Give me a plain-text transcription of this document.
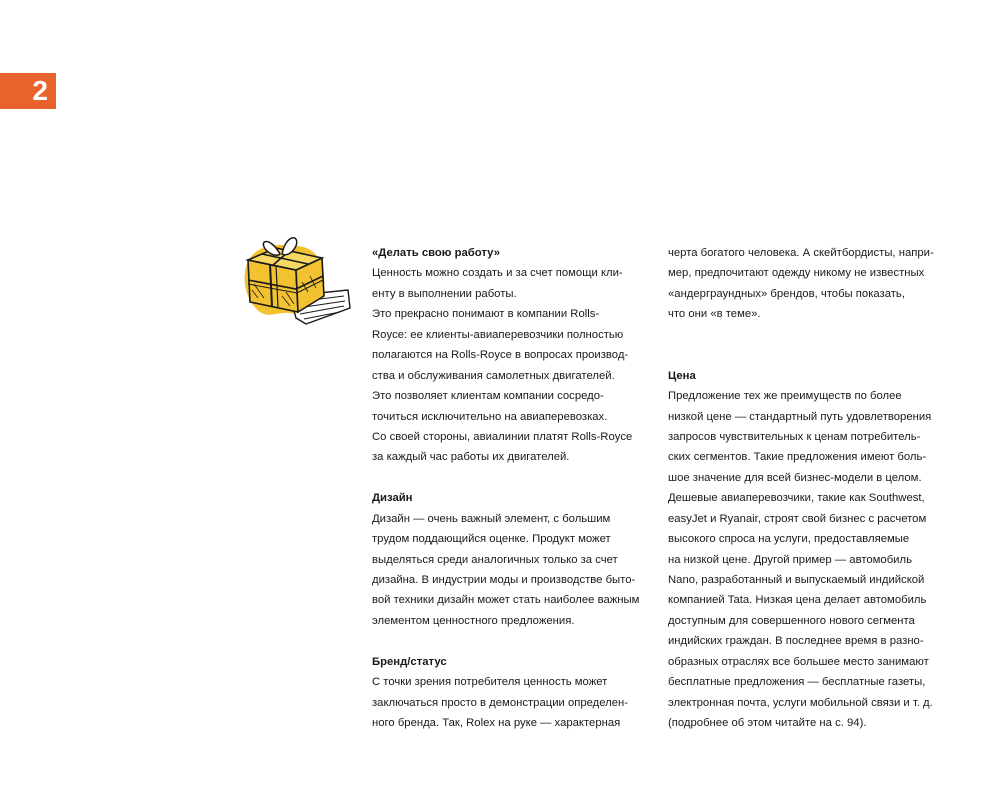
2
«Делать свою работу»
Ценность можно создать и за счет помощи кли-
енту в выполнении работы.
Это прекрасно понимают в компании Rolls-
Royce: ее клиенты-авиаперевозчики полностью
полагаются на Rolls-Royce в вопросах производ-
ства и обслуживания самолетных двигателей.
Это позволяет клиентам компании сосредо-
точиться исключительно на авиаперевозках.
Со своей стороны, авиалинии платят Rolls-Royce
за каждый час работы их двигателей.
Дизайн
Дизайн — очень важный элемент, с большим
трудом поддающийся оценке. Продукт может
выделяться среди аналогичных только за счет
дизайна. В индустрии моды и производстве быто-
вой техники дизайн может стать наиболее важным
элементом ценностного предложения.
Бренд/статус
С точки зрения потребителя ценность может
заключаться просто в демонстрации определен-
ного бренда. Так, Rolex на руке — характерная
черта богатого человека. А скейтбордисты, напри-
мер, предпочитают одежду никому не известных
«андерграундных» брендов, чтобы показать,
что они «в теме».
Цена
Предложение тех же преимуществ по более
низкой цене — стандартный путь удовлетворения
запросов чувствительных к ценам потребитель-
ских сегментов. Такие предложения имеют боль-
шое значение для всей бизнес-модели в целом.
Дешевые авиаперевозчики, такие как Southwest,
easyJet и Ryanair, строят свой бизнес с расчетом
высокого спроса на услуги, предоставляемые
на низкой цене. Другой пример — автомобиль
Nano, разработанный и выпускаемый индийской
компанией Tata. Низкая цена делает автомобиль
доступным для совершенного нового сегмента
индийских граждан. В последнее время в разно-
образных отраслях все большее место занимают
бесплатные предложения — бесплатные газеты,
электронная почта, услуги мобильной связи и т. д.
(подробнее об этом читайте на с. 94).
